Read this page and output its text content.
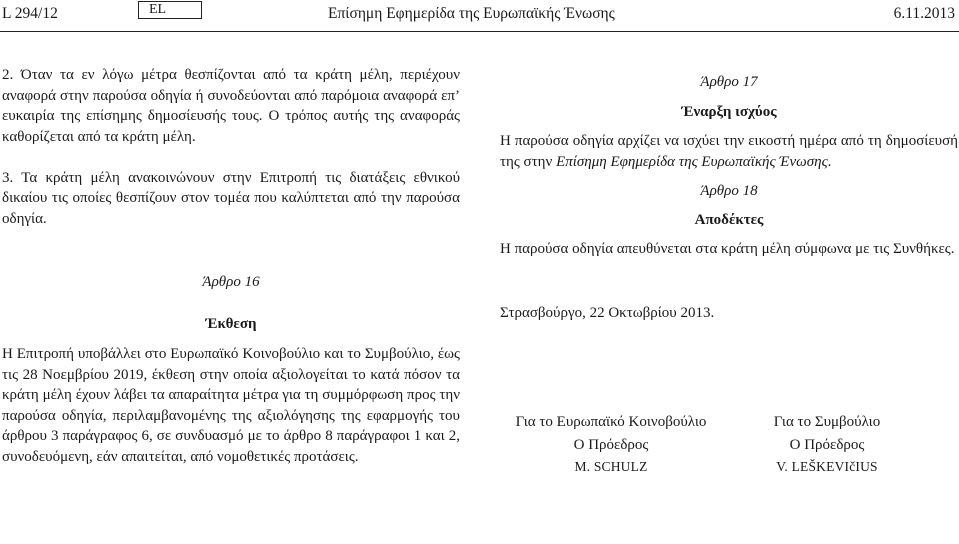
L 294/12	EL	Επίσημη Εφημερίδα της Ευρωπαϊκής Ένωσης	6.11.2013

2. Όταν τα εν λόγω μέτρα θεσπίζονται από τα κράτη μέλη, περιέχουν αναφορά στην παρούσα οδηγία ή συνοδεύονται από παρόμοια αναφορά επ’ ευκαιρία της επίσημης δημοσίευσής τους. Ο τρόπος αυτής της αναφοράς καθορίζεται από τα κράτη μέλη.

3. Τα κράτη μέλη ανακοινώνουν στην Επιτροπή τις διατάξεις εθνικού δικαίου τις οποίες θεσπίζουν στον τομέα που καλύπτεται από την παρούσα οδηγία.

Άρθρο 16

Έκθεση

Η Επιτροπή υποβάλλει στο Ευρωπαϊκό Κοινοβούλιο και το Συμβούλιο, έως τις 28 Νοεμβρίου 2019, έκθεση στην οποία αξιολογείται το κατά πόσον τα κράτη μέλη έχουν λάβει τα απαραίτητα μέτρα για τη συμμόρφωση προς την παρούσα οδηγία, περιλαμβανομένης της αξιολόγησης της εφαρμογής του άρθρου 3 παράγραφος 6, σε συνδυασμό με το άρθρο 8 παράγραφοι 1 και 2, συνοδευόμενη, εάν απαιτείται, από νομοθετικές προτάσεις.

Άρθρο 17

Έναρξη ισχύος

Η παρούσα οδηγία αρχίζει να ισχύει την εικοστή ημέρα από τη δημοσίευσή της στην Επίσημη Εφημερίδα της Ευρωπαϊκής Ένωσης.

Άρθρο 18

Αποδέκτες

Η παρούσα οδηγία απευθύνεται στα κράτη μέλη σύμφωνα με τις Συνθήκες.

Στρασβούργο, 22 Οκτωβρίου 2013.

Για το Ευρωπαϊκό Κοινοβούλιο
Ο Πρόεδρος
M. SCHULZ
Για το Συμβούλιο
Ο Πρόεδρος
V. LEŠKEVIčIUS
